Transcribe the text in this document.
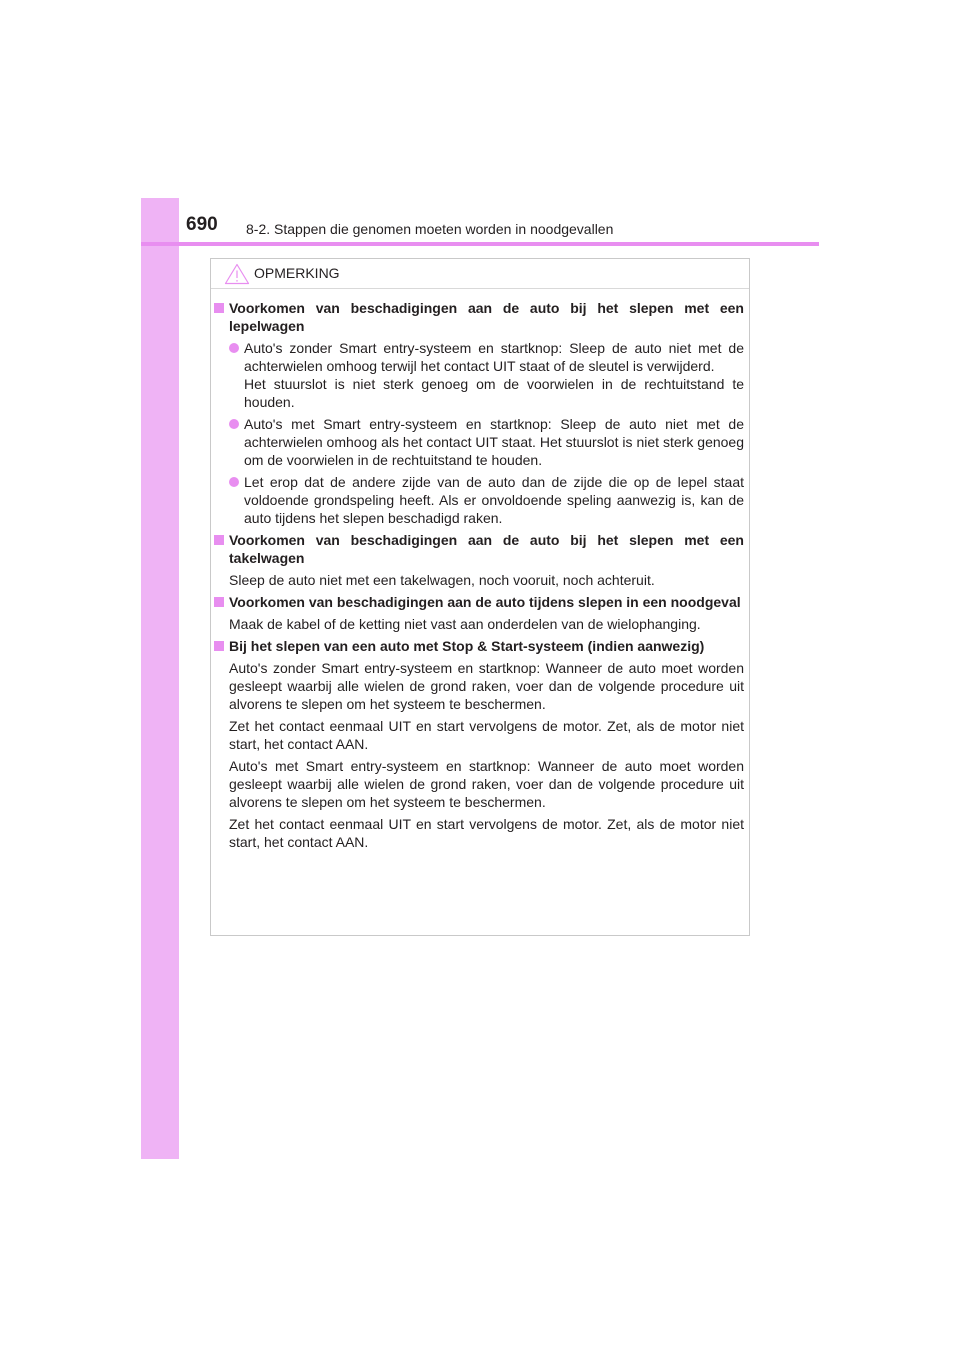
690 8-2. Stappen die genomen moeten worden in noodgevallen
OPMERKING
Voorkomen van beschadigingen aan de auto bij het slepen met een lepelwagen
Auto's zonder Smart entry-systeem en startknop: Sleep de auto niet met de achterwielen omhoog terwijl het contact UIT staat of de sleutel is verwijderd.
Het stuurslot is niet sterk genoeg om de voorwielen in de rechtuitstand te houden.
Auto's met Smart entry-systeem en startknop: Sleep de auto niet met de achterwielen omhoog als het contact UIT staat. Het stuurslot is niet sterk genoeg om de voorwielen in de rechtuitstand te houden.
Let erop dat de andere zijde van de auto dan de zijde die op de lepel staat voldoende grondspeling heeft. Als er onvoldoende speling aanwezig is, kan de auto tijdens het slepen beschadigd raken.
Voorkomen van beschadigingen aan de auto bij het slepen met een takelwagen
Sleep de auto niet met een takelwagen, noch vooruit, noch achteruit.
Voorkomen van beschadigingen aan de auto tijdens slepen in een noodgeval
Maak de kabel of de ketting niet vast aan onderdelen van de wielophanging.
Bij het slepen van een auto met Stop & Start-systeem (indien aanwezig)
Auto's zonder Smart entry-systeem en startknop: Wanneer de auto moet worden gesleept waarbij alle wielen de grond raken, voer dan de volgende procedure uit alvorens te slepen om het systeem te beschermen.
Zet het contact eenmaal UIT en start vervolgens de motor. Zet, als de motor niet start, het contact AAN.
Auto's met Smart entry-systeem en startknop: Wanneer de auto moet worden gesleept waarbij alle wielen de grond raken, voer dan de volgende procedure uit alvorens te slepen om het systeem te beschermen.
Zet het contact eenmaal UIT en start vervolgens de motor. Zet, als de motor niet start, het contact AAN.
